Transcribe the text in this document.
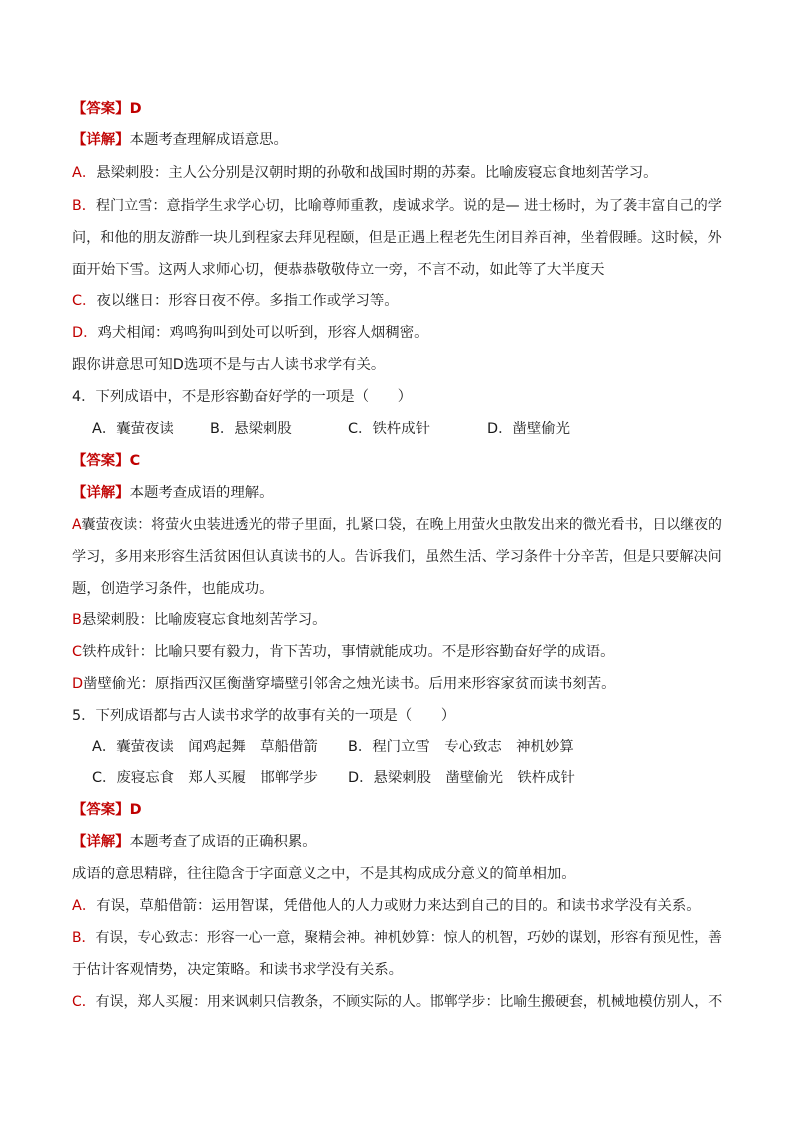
【答案】D
【详解】本题考查理解成语意思。
A．悬梁刺股：主人公分别是汉朝时期的孙敬和战国时期的苏秦。比喻废寝忘食地刻苦学习。
B．程门立雪：意指学生求学心切，比喻尊师重教，虔诚求学。说的是— 进士杨时，为了袭丰富自己的学
问，和他的朋友游酢一块儿到程家去拜见程颐，但是正遇上程老先生闭目养百神，坐着假睡。这时候，外
面开始下雪。这两人求师心切，便恭恭敬敬侍立一旁，不言不动，如此等了大半度天
C．夜以继日：形容日夜不停。多指工作或学习等。
D．鸡犬相闻：鸡鸣狗叫到处可以听到，形容人烟稠密。
跟你讲意思可知D选项不是与古人读书求学有关。
4．下列成语中，不是形容勤奋好学的一项是（　　）
A．囊萤夜读	B．悬梁刺股	C．铁杵成针	D．凿壁偷光
【答案】C
【详解】本题考查成语的理解。
A囊萤夜读：将萤火虫装进透光的带子里面，扎紧口袋，在晚上用萤火虫散发出来的微光看书，日以继夜的
学习，多用来形容生活贫困但认真读书的人。告诉我们，虽然生活、学习条件十分辛苦，但是只要解决问
题，创造学习条件，也能成功。
B悬梁刺股：比喻废寝忘食地刻苦学习。
C铁杵成针：比喻只要有毅力，肯下苦功，事情就能成功。不是形容勤奋好学的成语。
D凿壁偷光：原指西汉匡衡凿穿墙壁引邻舍之烛光读书。后用来形容家贫而读书刻苦。
5．下列成语都与古人读书求学的故事有关的一项是（　　）
A．囊萤夜读　闻鸡起舞　草船借箭 B．程门立雪　专心致志　神机妙算
C．废寝忘食　郑人买履　邯郸学步 D．悬梁刺股　凿壁偷光　铁杵成针
【答案】D
【详解】本题考查了成语的正确积累。
成语的意思精辟，往往隐含于字面意义之中，不是其构成成分意义的简单相加。
A．有误，草船借箭：运用智谋，凭借他人的人力或财力来达到自己的目的。和读书求学没有关系。
B．有误，专心致志：形容一心一意，聚精会神。神机妙算：惊人的机智，巧妙的谋划，形容有预见性，善
于估计客观情势，决定策略。和读书求学没有关系。
C．有误，郑人买履：用来讽刺只信教条，不顾实际的人。邯郸学步：比喻生搬硬套，机械地模仿别人，不
